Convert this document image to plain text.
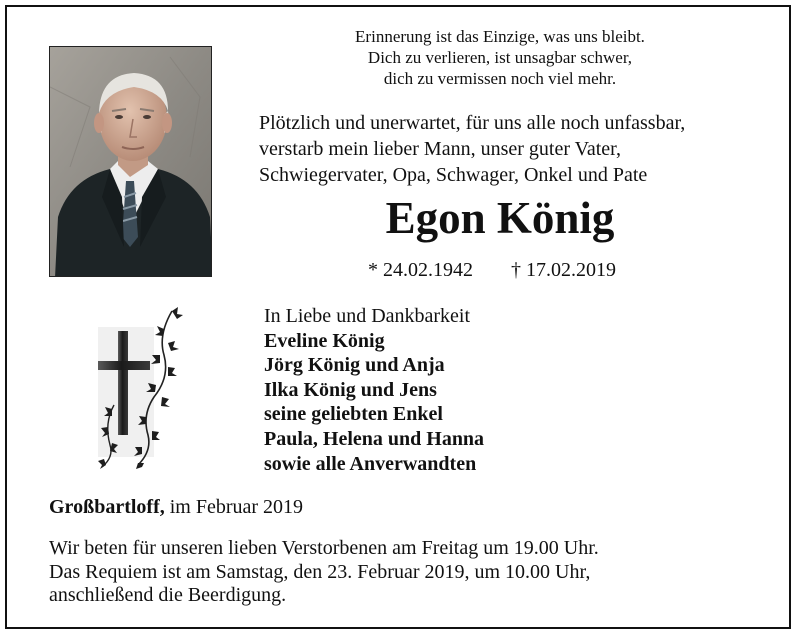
Erinnerung ist das Einzige, was uns bleibt.
Dich zu verlieren, ist unsagbar schwer,
dich zu vermissen noch viel mehr.
Plötzlich und unerwartet, für uns alle noch unfassbar,
verstarb mein lieber Mann, unser guter Vater,
Schwiegervater, Opa, Schwager, Onkel und Pate
Egon König
* 24.02.1942 † 17.02.2019
In Liebe und Dankbarkeit
Eveline König
Jörg König und Anja
Ilka König und Jens
seine geliebten Enkel
Paula, Helena und Hanna
sowie alle Anverwandten
Großbartloff, im Februar 2019
Wir beten für unseren lieben Verstorbenen am Freitag um 19.00 Uhr.
Das Requiem ist am Samstag, den 23. Februar 2019, um 10.00 Uhr,
anschließend die Beerdigung.
